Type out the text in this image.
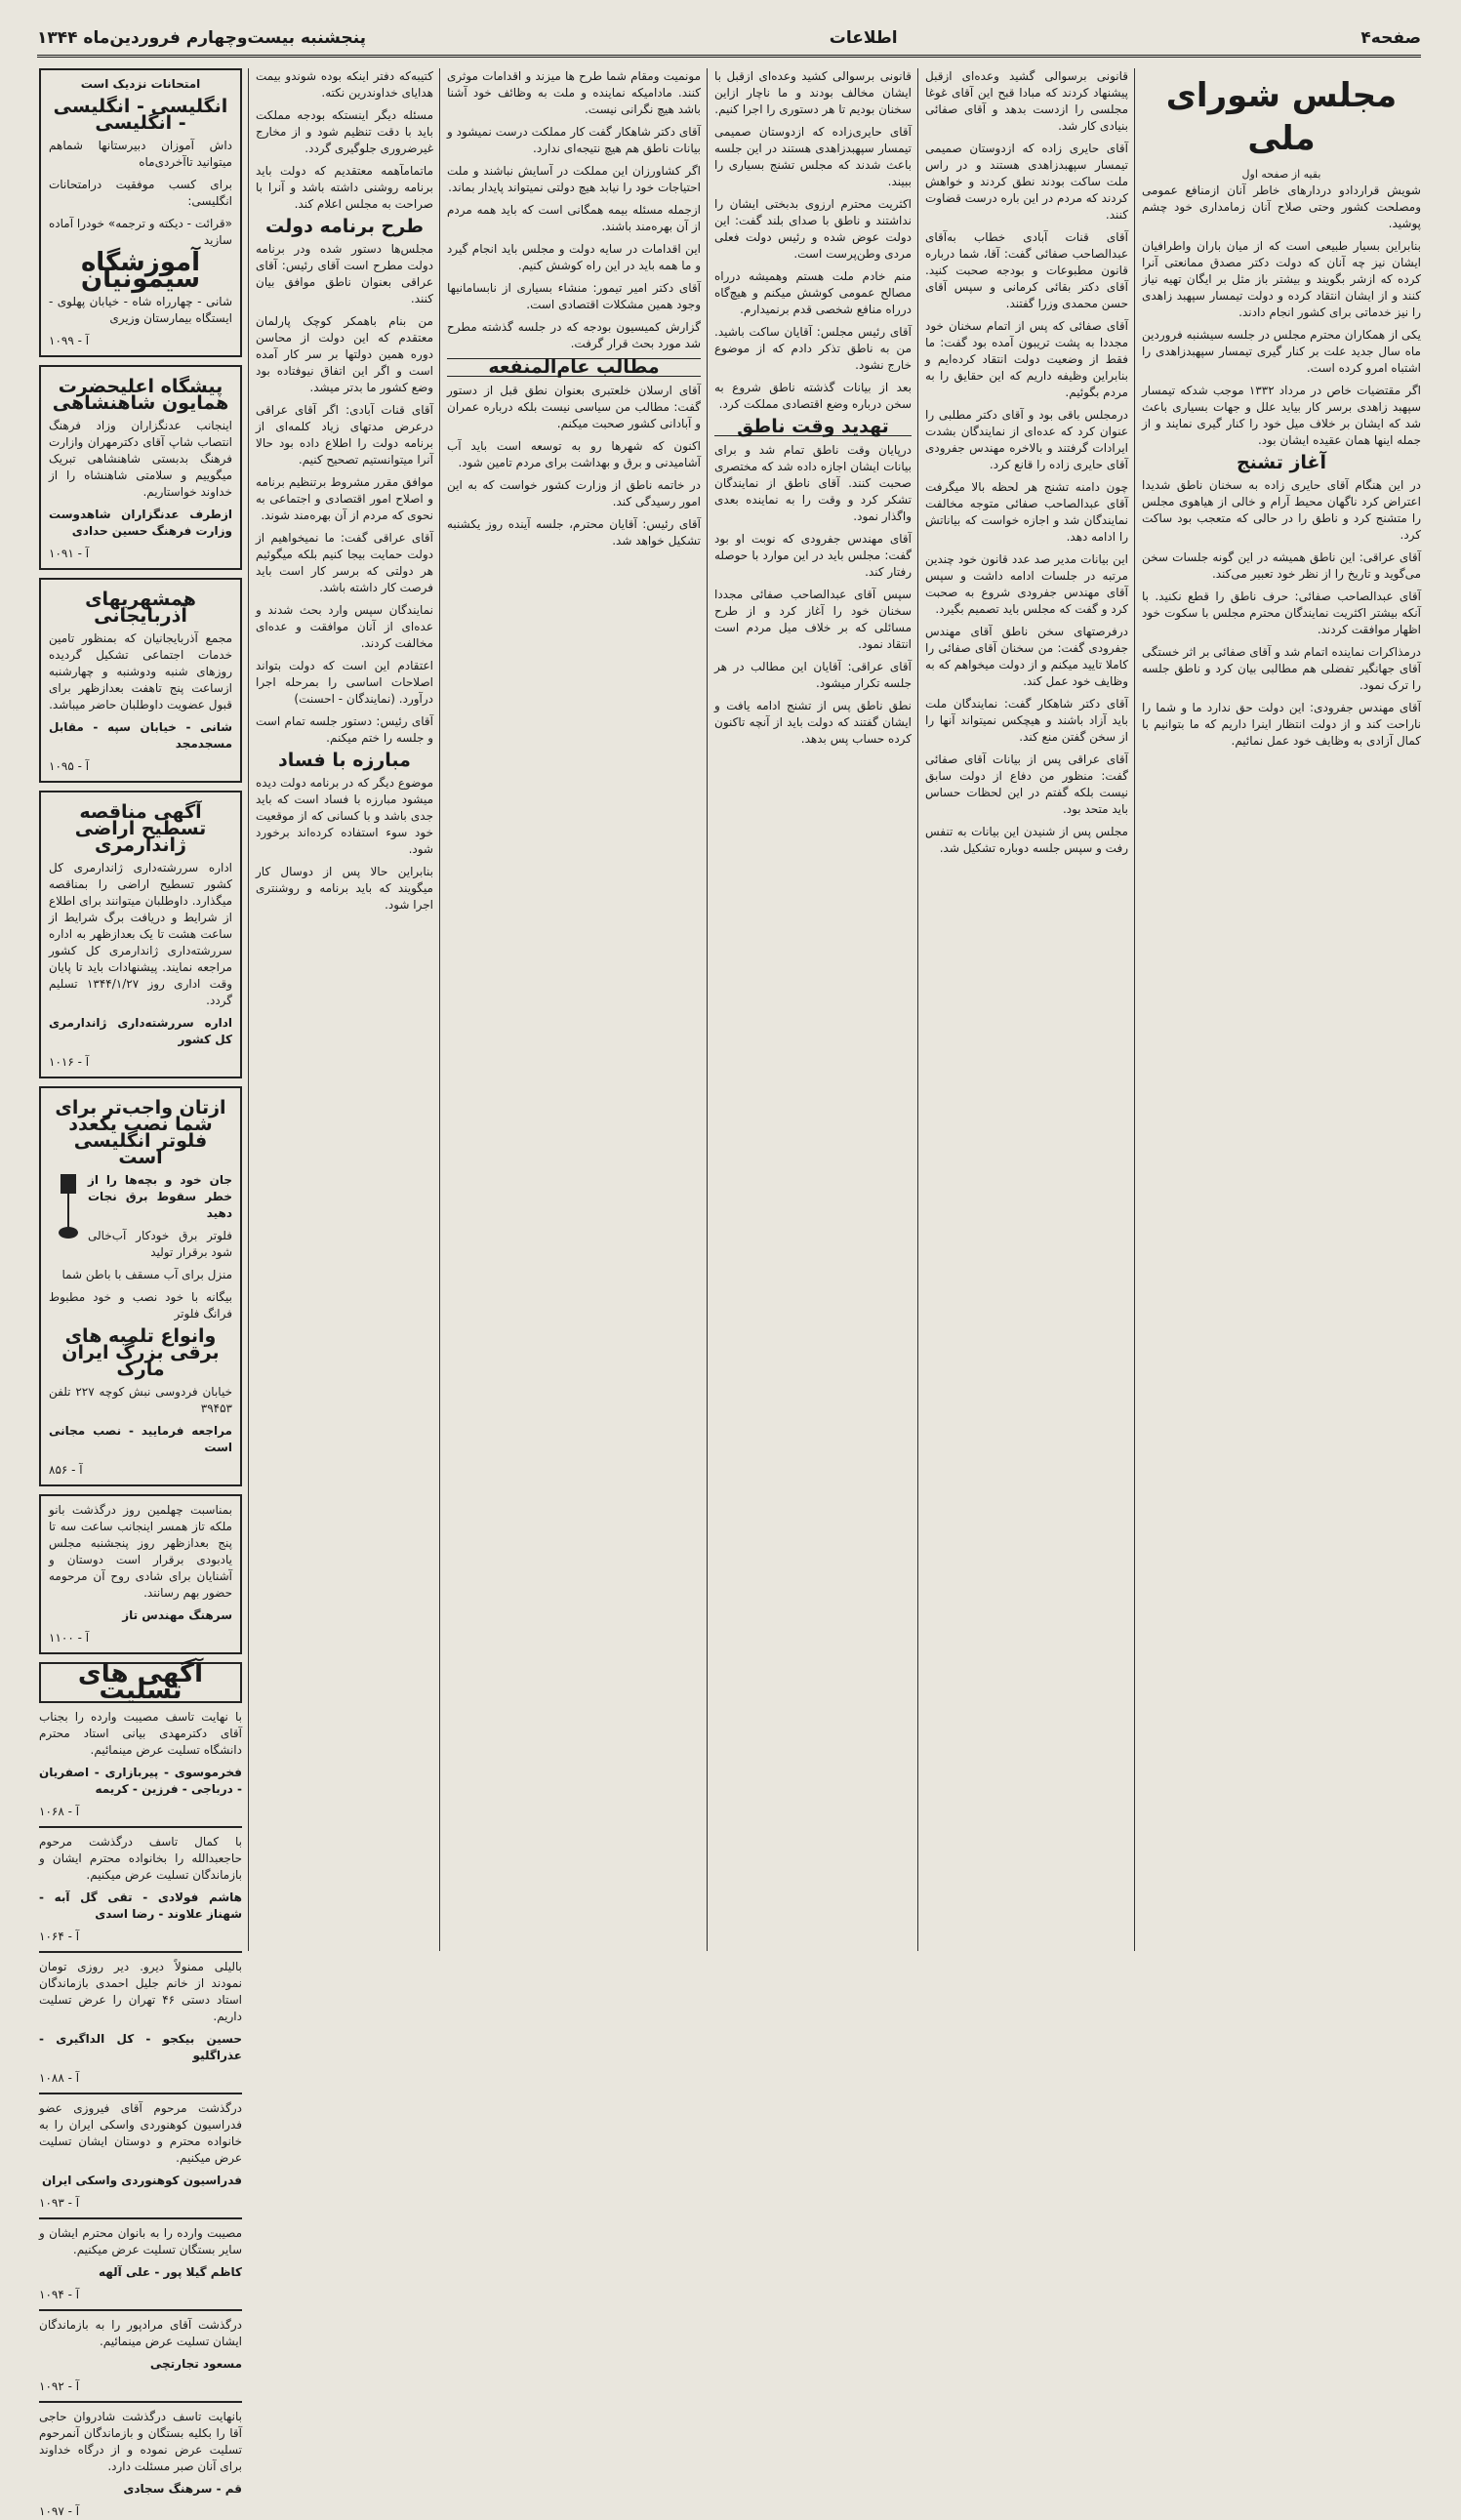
صفحه۴
اطلاعات
پنجشنبه بیست‌وچهارم فروردین‌ماه ۱۳۴۴
مجلس شورای ملی
بقیه از صفحه اول

شویش قراردادو دردارهای خاطر آنان ازمنافع عمومی ومصلحت کشور وحتی صلاح آنان زمامداری خود چشم پوشید.

بنابراین بسیار طبیعی است که از میان باران واطرافیان ایشان نیز چه آنان که دولت دکتر مصدق ممانعتی آنرا کرده که ازشر بگویند و بیشتر باز مثل بر ایگان تهیه نیاز کنند و از ایشان انتقاد کرده و دولت تیمسار سپهبد زاهدی را نیز خدماتی برای کشور انجام دادند.

یکی از همکاران محترم مجلس در جلسه سیشنبه فروردین ماه سال جدید علت بر کنار گیری تیمسار سپهبدزاهدی را اشتباه امرو کرده است.

اگر مقتضیات خاص در مرداد ۱۳۳۲ موجب شدکه تیمسار سپهبد زاهدی برسر کار بیاید علل و جهات بسیاری باعث شد که ایشان بر خلاف میل خود را کنار گیری نمایند و از جمله اینها همان عقیده ایشان بود.

آغاز تشنج

در این هنگام آقای حایری زاده به سخنان ناطق شدیدا اعتراض کرد ناگهان محیط آرام و خالی از هیاهوی مجلس را متشنج کرد و ناطق را در حالی که متعجب بود ساکت کرد.

آقای عراقی: این ناطق همیشه در این گونه جلسات سخن می‌گوید و تاریخ را از نظر خود تعبیر می‌کند.

آقای عبدالصاحب صفائی: حرف ناطق را قطع نکنید. با آنکه بیشتر اکثریت نمایندگان محترم مجلس با سکوت خود اظهار موافقت کردند.

درمذاکرات نماینده اتمام شد و آقای صفائی بر اثر خستگی آقای جهانگیر تفضلی هم مطالبی بیان کرد و ناطق جلسه را ترک نمود.

آقای مهندس جفرودی: این دولت حق ندارد ما و شما را ناراحت کند و از دولت انتظار اینرا داریم که ما بتوانیم با کمال آزادی به وظایف خود عمل نمائیم.

قانونی برسوالی گشید وعده‌ای ازقبل پیشنهاد کردند که مبادا قبح این آقای غوغا مجلسی را ازدست بدهد و آقای صفائی بنیادی کار شد.

آقای حایری زاده که ازدوستان صمیمی تیمسار سپهبدزاهدی هستند و در راس ملت ساکت بودند نطق کردند و خواهش کردند که مردم در این باره درست قضاوت کنند.

آقای قنات آبادی خطاب به‌آقای عبدالصاحب صفائی گفت: آقا، شما درباره قانون مطبوعات و بودجه صحبت کنید. آقای دکتر بقائی کرمانی و سپس آقای حسن محمدی وزرا گفتند.

آقای صفائی که پس از اتمام سخنان خود مجددا به پشت تریبون آمده بود گفت: ما فقط از وضعیت دولت انتقاد کرده‌ایم و بنابراین وظیفه داریم که این حقایق را به مردم بگوئیم.

درمجلس باقی بود و آقای دکتر مطلبی را عنوان کرد که عده‌ای از نمایندگان بشدت ایرادات گرفتند و بالاخره مهندس جفرودی آقای حایری زاده را قانع کرد.

چون دامنه تشنج هر لحظه بالا میگرفت آقای عبدالصاحب صفائی متوجه مخالفت نمایندگان شد و اجازه خواست که بیاناتش را ادامه دهد.

این بیانات مدیر صد عدد قانون خود چندین مرتبه در جلسات ادامه داشت و سپس آقای مهندس جفرودی شروع به صحبت کرد و گفت که مجلس باید تصمیم بگیرد.

درفرصتهای سخن ناطق آقای مهندس جفرودی گفت: من سخنان آقای صفائی را کاملا تایید میکنم و از دولت میخواهم که به وظایف خود عمل کند.

آقای دکتر شاهکار گفت: نمایندگان ملت باید آزاد باشند و هیچکس نمیتواند آنها را از سخن گفتن منع کند.

آقای عراقی پس از بیانات آقای صفائی گفت: منظور من دفاع از دولت سابق نیست بلکه گفتم در این لحظات حساس باید متحد بود.

مجلس پس از شنیدن این بیانات به تنفس رفت و سپس جلسه دوباره تشکیل شد.

قانونی برسوالی کشید وعده‌ای ازقبل با ایشان مخالف بودند و ما ناچار ازاین سخنان بودیم تا هر دستوری را اجرا کنیم.

آقای حایری‌زاده که ازدوستان صمیمی تیمسار سپهبدزاهدی هستند در این جلسه باعث شدند که مجلس تشنج بسیاری را ببیند.

اکثریت محترم ارزوی بدبختی ایشان را نداشتند و ناطق با صدای بلند گفت: این دولت عوض شده و رئیس دولت فعلی مردی وطن‌پرست است.

منم خادم ملت هستم وهمیشه درراه مصالح عمومی کوشش میکنم و هیچ‌گاه درراه منافع شخصی قدم برنمیدارم.

آقای رئیس مجلس: آقایان ساکت باشید. من به ناطق تذکر دادم که از موضوع خارج نشود.

بعد از بیانات گذشته ناطق شروع به سخن درباره وضع اقتصادی مملکت کرد.

تهدید وقت ناطق

درپایان وقت ناطق تمام شد و برای بیانات ایشان اجازه داده شد که مختصری صحبت کنند. آقای ناطق از نمایندگان تشکر کرد و وقت را به نماینده بعدی واگذار نمود.

آقای مهندس جفرودی که نوبت او بود گفت: مجلس باید در این موارد با حوصله رفتار کند.

سپس آقای عبدالصاحب صفائی مجددا سخنان خود را آغاز کرد و از طرح مسائلی که بر خلاف میل مردم است انتقاد نمود.

آقای عراقی: آقایان این مطالب در هر جلسه تکرار میشود.

نطق ناطق پس از تشنج ادامه یافت و ایشان گفتند که دولت باید از آنچه تاکنون کرده حساب پس بدهد.

مونمیت ومقام شما طرح ها میزند و اقدامات موثری کنند. مادامیکه نماینده و ملت به وظائف خود آشنا باشد هیچ نگرانی نیست.

آقای دکتر شاهکار گفت کار مملکت درست نمیشود و بیانات ناطق هم هیچ نتیجه‌ای ندارد.

اگر کشاورزان این مملکت در آسایش نباشند و ملت احتیاجات خود را نیابد هیچ دولتی نمیتواند پایدار بماند.

ازجمله مسئله بیمه همگانی است که باید همه مردم از آن بهره‌مند باشند.

این اقدامات در سایه دولت و مجلس باید انجام گیرد و ما همه باید در این راه کوشش کنیم.

آقای دکتر امیر تیمور: منشاء بسیاری از نابسامانیها وجود همین مشکلات اقتصادی است.

گزارش کمیسیون بودجه که در جلسه گذشته مطرح شد مورد بحث قرار گرفت.

مطالب عام‌المنفعه

آقای ارسلان خلعتبری بعنوان نطق قبل از دستور گفت: مطالب من سیاسی نیست بلکه درباره عمران و آبادانی کشور صحبت میکنم.

اکنون که شهرها رو به توسعه است باید آب آشامیدنی و برق و بهداشت برای مردم تامین شود.

در خاتمه ناطق از وزارت کشور خواست که به این امور رسیدگی کند.

آقای رئیس: آقایان محترم، جلسه آینده روز یکشنبه تشکیل خواهد شد.

کتیبه‌که دفتر اینکه بوده شوندو بیمت هدایای خداوندرین نکته.

مسئله دیگر اینستکه بودجه مملکت باید با دقت تنظیم شود و از مخارج غیرضروری جلوگیری گردد.

ماتمامآهمه معتقدیم که دولت باید برنامه روشنی داشته باشد و آنرا با صراحت به مجلس اعلام کند.

طرح برنامه دولت

مجلس‌ها دستور شده ودر برنامه دولت مطرح است آقای رئیس: آقای عراقی بعنوان ناطق موافق بیان کنند.

من بنام باهمکر کوچک پارلمان معتقدم که این دولت از محاسن دوره همین دولتها بر سر کار آمده است و اگر این اتفاق نیوفتاده بود وضع کشور ما بدتر میشد.

آقای قنات آبادی: اگر آقای عراقی درعرض مدتهای زیاد کلمه‌ای از برنامه دولت را اطلاع داده بود حالا آنرا میتوانستیم تصحیح کنیم.

موافق مقرر مشروط برتنظیم برنامه و اصلاح امور اقتصادی و اجتماعی به نحوی که مردم از آن بهره‌مند شوند.

آقای عراقی گفت: ما نمیخواهیم از دولت حمایت بیجا کنیم بلکه میگوئیم هر دولتی که برسر کار است باید فرصت کار داشته باشد.

نمایندگان سپس وارد بحث شدند و عده‌ای از آنان موافقت و عده‌ای مخالفت کردند.

اعتقادم این است که دولت بتواند اصلاحات اساسی را بمرحله اجرا درآورد. (نمایندگان - احسنت)

آقای رئیس: دستور جلسه تمام است و جلسه را ختم میکنم.

مبارزه با فساد

موضوع دیگر که در برنامه دولت دیده میشود مبارزه با فساد است که باید جدی باشد و با کسانی که از موقعیت خود سوء استفاده کرده‌اند برخورد شود.

بنابراین حالا پس از دوسال کار میگویند که باید برنامه و روشنتری اجرا شود.

امتحانات نزدیک است
انگلیسی - انگلیسی - انگلیسی
داش آموزان دبیرستانها شماهم میتوانید تاآخردی‌ماه
برای کسب موفقیت درامتحانات انگلیسی:
«قرائت - دیکته و ترجمه» خودرا آماده سازید
آموزشگاه سیمونیان
شانی - چهارراه شاه - خیابان پهلوی - ایستگاه بیمارستان وزیری
آ - ۱۰۹۹
پیشگاه اعلیحضرت همایون شاهنشاهی
اینجانب عدنگزاران وزاد فرهنگ انتصاب شاپ آقای دکترمهران وازارت فرهنگ بدبستی شاهنشاهی تبریک میگوییم و سلامتی شاهنشاه را از خداوند خواستاریم.
ازطرف عدنگزاران شاهدوست وزارت فرهنگ حسین حدادی
آ - ۱۰۹۱
همشهریهای آذربایجانی
مجمع آذربایجانیان که بمنظور تامین خدمات اجتماعی تشکیل گردیده روزهای شنبه ودوشنبه و چهارشنبه ازساعت پنج تاهفت بعدازظهر برای قبول عضویت داوطلبان حاضر میباشد.
شانی - خیابان سپه - مقابل مسجدمجد
آ - ۱۰۹۵
آگهی مناقصه تسطیح اراضی ژاندارمری
اداره سررشته‌داری ژاندارمری کل کشور تسطیح اراضی را بمناقصه میگذارد. داوطلبان میتوانند برای اطلاع از شرایط و دریافت برگ شرایط از ساعت هشت تا یک بعدازظهر به اداره سررشته‌داری ژاندارمری کل کشور مراجعه نمایند. پیشنهادات باید تا پایان وقت اداری روز ۱۳۴۴/۱/۲۷ تسلیم گردد.
اداره سررشته‌داری ژاندارمری کل کشور
آ - ۱۰۱۶
ازتان واجب‌تر برای شما نصب یکعدد فلوتر انگلیسی است
جان خود و بچه‌ها را از خطر سقوط برق نجات دهید
فلوتر برق خودکار آب‌خالی شود برقرار تولید
منزل برای آب مسقف با باطن شما
بیگانه با خود نصب و خود مطبوط فرانگ فلوتر
وانواع تلمبه های برقی بزرگ ایران مارک
خیابان فردوسی نبش کوچه ۲۲۷ تلفن ۳۹۴۵۳
مراجعه فرمایید - نصب مجانی است
آ - ۸۵۶
بمناسبت چهلمین روز درگذشت بانو ملکه تاز همسر اینجانب ساعت سه تا پنج بعدازظهر روز پنجشنبه مجلس یادبودی برقرار است دوستان و آشنایان برای شادی روح آن مرحومه حضور بهم رسانند.
سرهنگ مهندس تاز
آ - ۱۱۰۰
آگهی های تسلیت
با نهایت تاسف مصیبت وارده را بجناب آقای دکترمهدی بیانی استاد محترم دانشگاه تسلیت عرض مینمائیم.
فخرموسوی - پیربازاری - اصفریان - درباجی - فرزین - کریمه
آ - ۱۰۶۸
با کمال تاسف درگذشت مرحوم حاجعبدالله را بخانواده محترم ایشان و بازماندگان تسلیت عرض میکنیم.
هاشم فولادی - تقی گل آبه - شهناز علاوند - رضا اسدی
آ - ۱۰۶۴
بالیلی ممنولاً دیرو. دیر روزی تومان نمودند از خانم جلیل احمدی بازماندگان استاد دستی ۴۶ تهران را عرض تسلیت داریم.
حسین بیکجو - کل الداگیری - عذراگلیو
آ - ۱۰۸۸
درگذشت مرحوم آقای فیروزی عضو فدراسیون کوهنوردی واسکی ایران را به خانواده محترم و دوستان ایشان تسلیت عرض میکنیم.
فدراسیون کوهنوردی واسکی ایران
آ - ۱۰۹۳
مصیبت وارده را به بانوان محترم ایشان و سایر بستگان تسلیت عرض میکنیم.
کاظم گیلا پور - علی آلهه
آ - ۱۰۹۴
درگذشت آقای مرادپور را به بازماندگان ایشان تسلیت عرض مینمائیم.
مسعود تجارتچی
آ - ۱۰۹۲
بانهایت تاسف درگذشت شادروان حاجی آقا را بکلیه بستگان و بازماندگان آنمرحوم تسلیت عرض نموده و از درگاه خداوند برای آنان صبر مسئلت دارد.
قم - سرهنگ سجادی
آ - ۱۰۹۷
